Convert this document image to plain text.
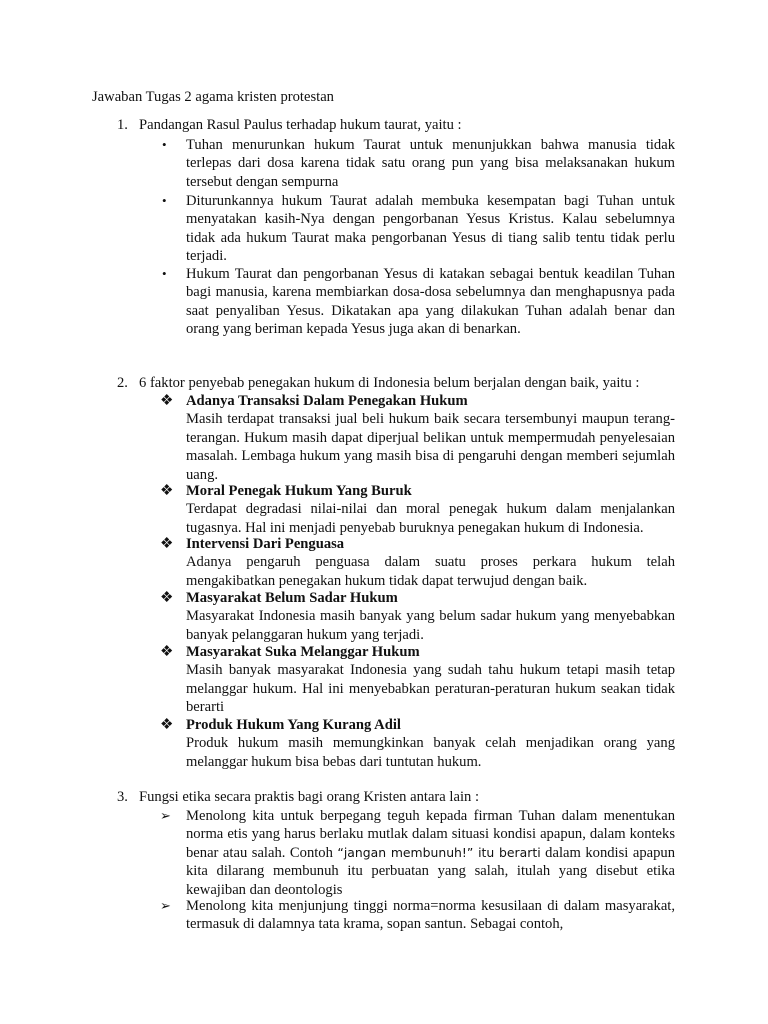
Jawaban Tugas 2 agama kristen protestan
1. Pandangan Rasul Paulus terhadap hukum taurat, yaitu :
•	Tuhan menurunkan hukum Taurat untuk menunjukkan bahwa manusia tidak terlepas dari dosa karena tidak satu orang pun yang bisa melaksanakan hukum tersebut dengan sempurna
•	Diturunkannya hukum Taurat adalah membuka kesempatan bagi Tuhan untuk menyatakan kasih-Nya dengan pengorbanan Yesus Kristus. Kalau sebelumnya tidak ada hukum Taurat maka pengorbanan Yesus di tiang salib tentu tidak perlu terjadi.
•	Hukum Taurat dan pengorbanan Yesus di katakan sebagai bentuk keadilan Tuhan bagi manusia, karena membiarkan dosa-dosa sebelumnya dan menghapusnya pada saat penyaliban Yesus. Dikatakan apa yang dilakukan Tuhan adalah benar dan orang yang beriman kepada Yesus juga akan di benarkan.
2. 6 faktor penyebab penegakan hukum di Indonesia belum berjalan dengan baik, yaitu :
❖ Adanya Transaksi Dalam Penegakan Hukum
Masih terdapat transaksi jual beli hukum baik secara tersembunyi maupun terang-terangan. Hukum masih dapat diperjual belikan untuk mempermudah penyelesaian masalah. Lembaga hukum yang masih bisa di pengaruhi dengan memberi sejumlah uang.
❖ Moral Penegak Hukum Yang Buruk
Terdapat degradasi nilai-nilai dan moral penegak hukum dalam menjalankan tugasnya. Hal ini menjadi penyebab buruknya penegakan hukum di Indonesia.
❖ Intervensi Dari Penguasa
Adanya pengaruh penguasa dalam suatu proses perkara hukum telah mengakibatkan penegakan hukum tidak dapat terwujud dengan baik.
❖ Masyarakat Belum Sadar Hukum
Masyarakat Indonesia masih banyak yang belum sadar hukum yang menyebabkan banyak pelanggaran hukum yang terjadi.
❖ Masyarakat Suka Melanggar Hukum
Masih banyak masyarakat Indonesia yang sudah tahu hukum tetapi masih tetap melanggar hukum. Hal ini menyebabkan peraturan-peraturan hukum seakan tidak berarti
❖ Produk Hukum Yang Kurang Adil
Produk hukum masih memungkinkan banyak celah menjadikan orang yang melanggar hukum bisa bebas dari tuntutan hukum.
3. Fungsi etika secara praktis bagi orang Kristen antara lain :
➢	Menolong kita untuk berpegang teguh kepada firman Tuhan dalam menentukan norma etis yang harus berlaku mutlak dalam situasi kondisi apapun, dalam konteks benar atau salah. Contoh “jangan membunuh!” itu berarti dalam kondisi apapun kita dilarang membunuh itu perbuatan yang salah, itulah yang disebut etika kewajiban dan deontologis
➢	Menolong kita menjunjung tinggi norma=norma kesusilaan di dalam masyarakat, termasuk di dalamnya tata krama, sopan santun. Sebagai contoh,
